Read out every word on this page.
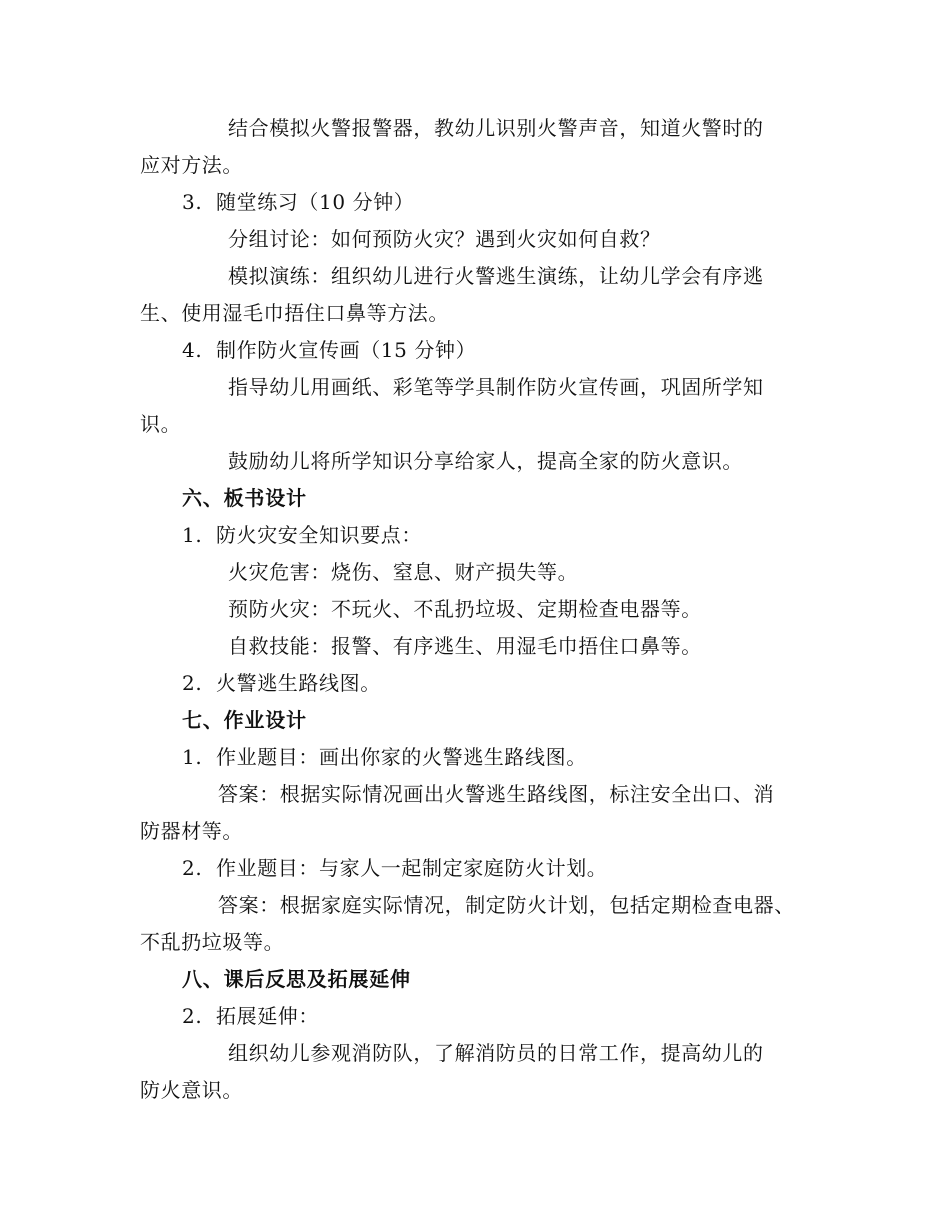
结合模拟火警报警器，教幼儿识别火警声音，知道火警时的
应对方法。
3. 随堂练习（10 分钟）
分组讨论：如何预防火灾？遇到火灾如何自救？
模拟演练：组织幼儿进行火警逃生演练，让幼儿学会有序逃
生、使用湿毛巾捂住口鼻等方法。
4. 制作防火宣传画（15 分钟）
指导幼儿用画纸、彩笔等学具制作防火宣传画，巩固所学知
识。
鼓励幼儿将所学知识分享给家人，提高全家的防火意识。
六、板书设计
1. 防火灾安全知识要点：
火灾危害：烧伤、窒息、财产损失等。
预防火灾：不玩火、不乱扔垃圾、定期检查电器等。
自救技能：报警、有序逃生、用湿毛巾捂住口鼻等。
2. 火警逃生路线图。
七、作业设计
1. 作业题目：画出你家的火警逃生路线图。
答案：根据实际情况画出火警逃生路线图，标注安全出口、消
防器材等。
2. 作业题目：与家人一起制定家庭防火计划。
答案：根据家庭实际情况，制定防火计划，包括定期检查电器、
不乱扔垃圾等。
八、课后反思及拓展延伸
2. 拓展延伸：
组织幼儿参观消防队，了解消防员的日常工作，提高幼儿的
防火意识。
